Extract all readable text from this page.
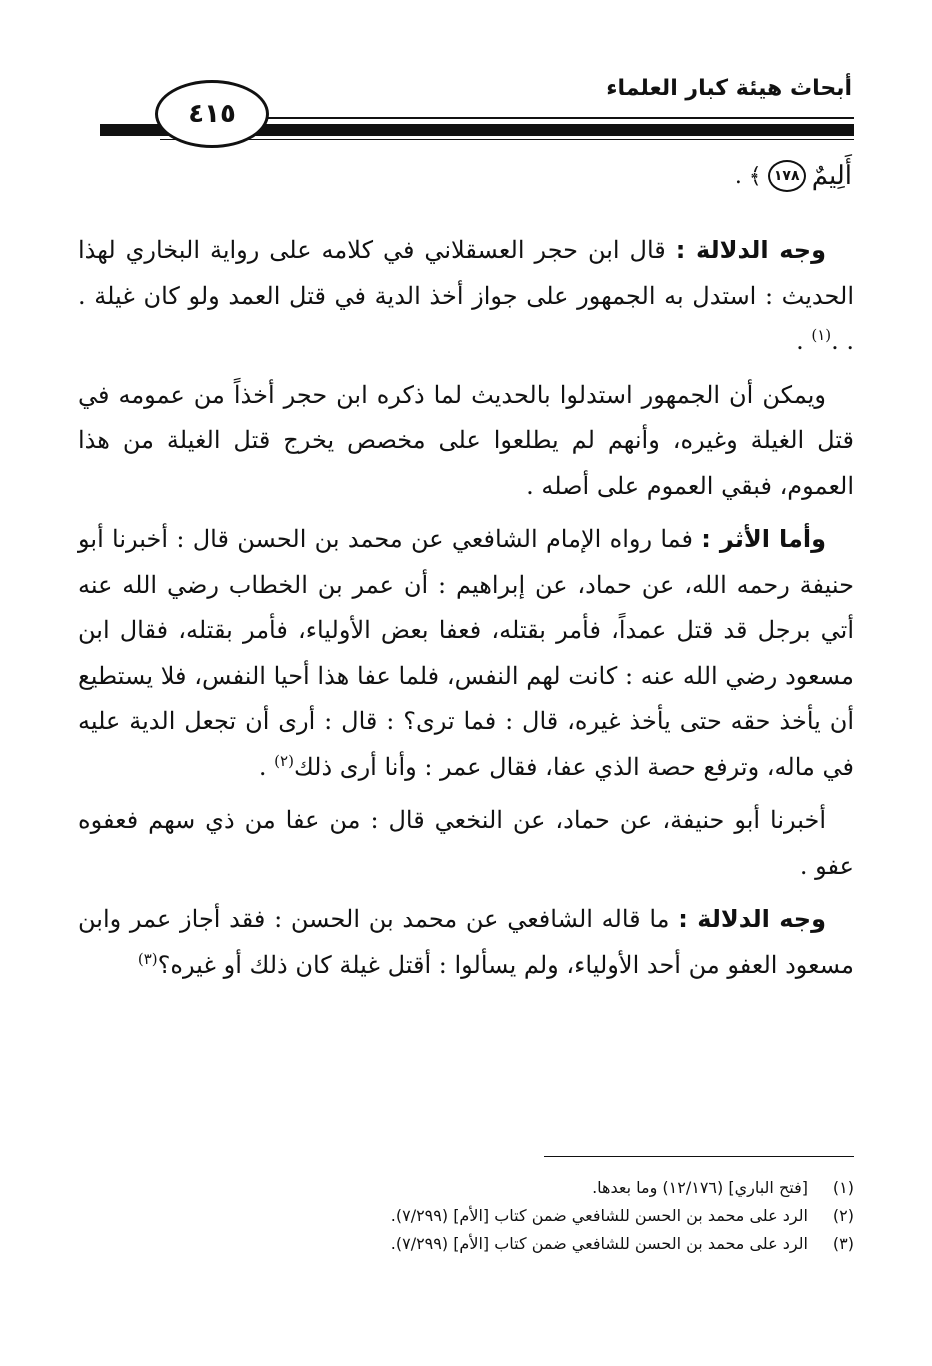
أبحاث هيئة كبار العلماء
٤١٥
أَلِيمٌ
١٧٨
﴾ .

وجه الدلالة : قال ابن حجر العسقلاني في كلامه على رواية البخاري لهذا الحديث : استدل به الجمهور على جواز أخذ الدية في قتل العمد ولو كان غيلة . . .$^{(١)}$ .

ويمكن أن الجمهور استدلوا بالحديث لما ذكره ابن حجر أخذاً من عمومه في قتل الغيلة وغيره، وأنهم لم يطلعوا على مخصص يخرج قتل الغيلة من هذا العموم، فبقي العموم على أصله .

وأما الأثر : فما رواه الإمام الشافعي عن محمد بن الحسن قال : أخبرنا أبو حنيفة رحمه الله، عن حماد، عن إبراهيم : أن عمر بن الخطاب رضي الله عنه أتي برجل قد قتل عمداً، فأمر بقتله، فعفا بعض الأولياء، فأمر بقتله، فقال ابن مسعود رضي الله عنه : كانت لهم النفس، فلما عفا هذا أحيا النفس، فلا يستطيع أن يأخذ حقه حتى يأخذ غيره، قال : فما ترى؟ : قال : أرى أن تجعل الدية عليه في ماله، وترفع حصة الذي عفا، فقال عمر : وأنا أرى ذلك$^{(٢)}$ .

أخبرنا أبو حنيفة، عن حماد، عن النخعي قال : من عفا من ذي سهم فعفوه عفو .

وجه الدلالة : ما قاله الشافعي عن محمد بن الحسن : فقد أجاز عمر وابن مسعود العفو من أحد الأولياء، ولم يسألوا : أقتل غيلة كان ذلك أو غيره؟$^{(٣)}$

(١)
[فتح الباري] (١٢/١٧٦) وما بعدها.
(٢)
الرد على محمد بن الحسن للشافعي ضمن كتاب [الأم] (٧/٢٩٩).
(٣)
الرد على محمد بن الحسن للشافعي ضمن كتاب [الأم] (٧/٢٩٩).
